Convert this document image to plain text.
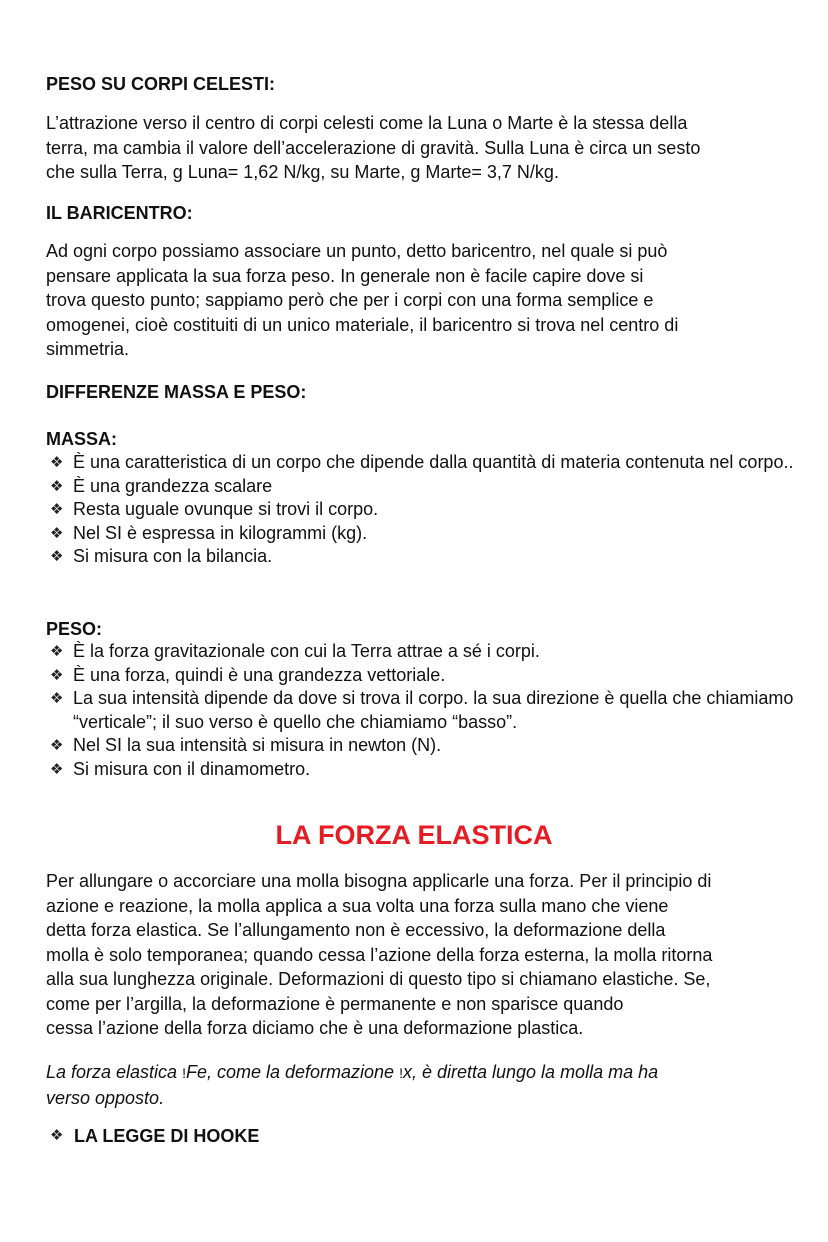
PESO SU CORPI CELESTI:

L’attrazione verso il centro di corpi celesti come la Luna o Marte è la stessa della

terra, ma cambia il valore dell’accelerazione di gravità. Sulla Luna è circa un sesto

che sulla Terra, g Luna= 1,62 N/kg, su Marte, g Marte= 3,7 N/kg.

IL BARICENTRO:

Ad ogni corpo possiamo associare un punto, detto baricentro, nel quale si può

pensare applicata la sua forza peso. In generale non è facile capire dove si

trova questo punto; sappiamo però che per i corpi con una forma semplice e

omogenei, cioè costituiti di un unico materiale, il baricentro si trova nel centro di

simmetria.

DIFFERENZE MASSA E PESO:

MASSA:

❖ È una caratteristica di un corpo che dipende dalla quantità di materia contenuta nel corpo..
❖ È una grandezza scalare
❖ Resta uguale ovunque si trovi il corpo.
❖ Nel SI è espressa in kilogrammi (kg).
❖ Si misura con la bilancia.

PESO:

❖ È la forza gravitazionale con cui la Terra attrae a sé i corpi.
❖ È una forza, quindi è una grandezza vettoriale.
❖ La sua intensità dipende da dove si trova il corpo. la sua direzione è quella che chiamiamo “verticale”; il suo verso è quello che chiamiamo “basso”.
❖ Nel SI la sua intensità si misura in newton (N).
❖ Si misura con il dinamometro.

LA FORZA ELASTICA

Per allungare o accorciare una molla bisogna applicarle una forza. Per il principio di

azione e reazione, la molla applica a sua volta una forza sulla mano che viene

detta forza elastica. Se l’allungamento non è eccessivo, la deformazione della

molla è solo temporanea; quando cessa l’azione della forza esterna, la molla ritorna

alla sua lunghezza originale. Deformazioni di questo tipo si chiamano elastiche. Se,

come per l’argilla, la deformazione è permanente e non sparisce quando

cessa l’azione della forza diciamo che è una deformazione plastica.

La forza elastica !Fe, come la deformazione !x, è diretta lungo la molla ma ha

verso opposto.

❖ LA LEGGE DI HOOKE
